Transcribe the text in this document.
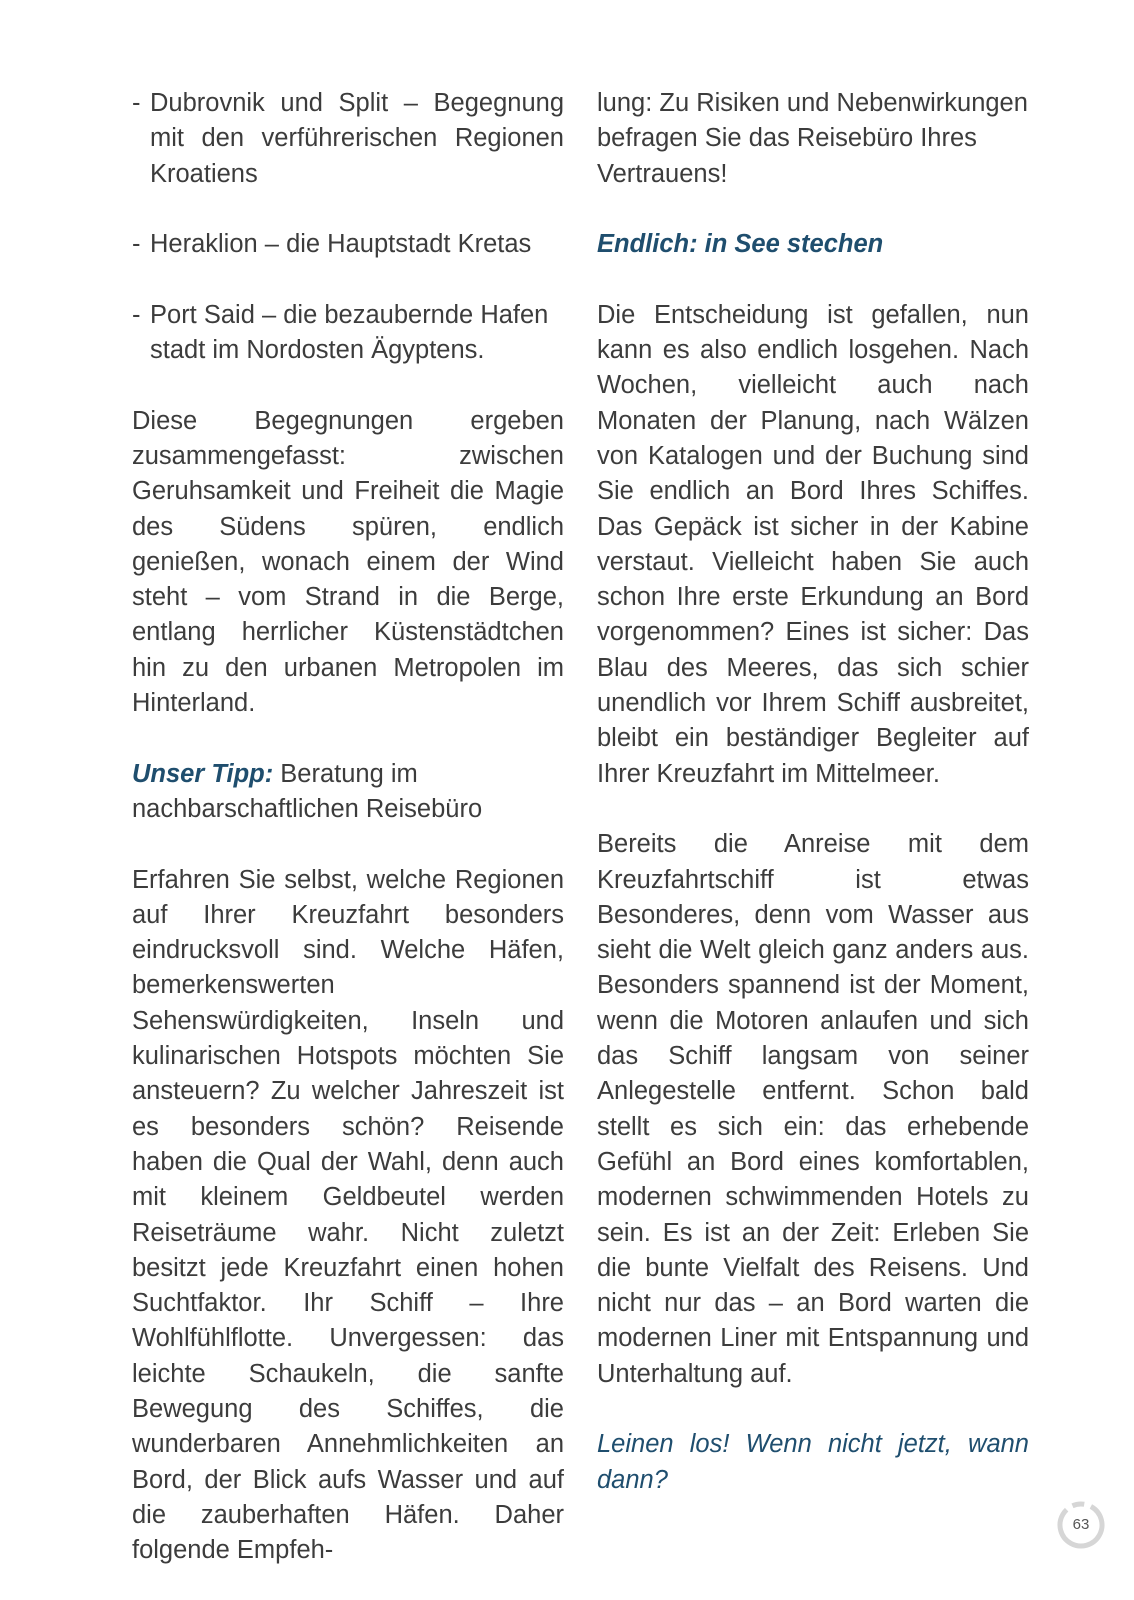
- Dubrovnik und Split – Begegnung mit den verführerischen Regionen Kroatiens
- Heraklion – die Hauptstadt Kretas
- Port Said – die bezaubernde Hafen stadt im Nordosten Ägyptens.

Diese Begegnungen ergeben zusammengefasst: zwischen Geruhsamkeit und Freiheit die Magie des Südens spüren, endlich genießen, wonach einem der Wind steht – vom Strand in die Berge, entlang herrlicher Küstenstädtchen hin zu den urbanen Metropolen im Hinterland.

Unser Tipp: Beratung im nachbarschaftlichen Reisebüro

Erfahren Sie selbst, welche Regionen auf Ihrer Kreuzfahrt besonders eindrucksvoll sind. Welche Häfen, bemerkenswerten Sehenswürdigkeiten, Inseln und kulinarischen Hotspots möchten Sie ansteuern? Zu welcher Jahreszeit ist es besonders schön? Reisende haben die Qual der Wahl, denn auch mit kleinem Geldbeutel werden Reiseträume wahr. Nicht zuletzt besitzt jede Kreuzfahrt einen hohen Suchtfaktor. Ihr Schiff – Ihre Wohlfühlflotte. Unvergessen: das leichte Schaukeln, die sanfte Bewegung des Schiffes, die wunderbaren Annehmlichkeiten an Bord, der Blick aufs Wasser und auf die zauberhaften Häfen. Daher folgende Empfeh-

lung: Zu Risiken und Nebenwirkungen befragen Sie das Reisebüro Ihres Vertrauens!

Endlich: in See stechen

Die Entscheidung ist gefallen, nun kann es also endlich losgehen. Nach Wochen, vielleicht auch nach Monaten der Planung, nach Wälzen von Katalogen und der Buchung sind Sie endlich an Bord Ihres Schiffes. Das Gepäck ist sicher in der Kabine verstaut. Vielleicht haben Sie auch schon Ihre erste Erkundung an Bord vorgenommen? Eines ist sicher: Das Blau des Meeres, das sich schier unendlich vor Ihrem Schiff ausbreitet, bleibt ein beständiger Begleiter auf Ihrer Kreuzfahrt im Mittelmeer.

Bereits die Anreise mit dem Kreuzfahrtschiff ist etwas Besonderes, denn vom Wasser aus sieht die Welt gleich ganz anders aus. Besonders spannend ist der Moment, wenn die Motoren anlaufen und sich das Schiff langsam von seiner Anlegestelle entfernt. Schon bald stellt es sich ein: das erhebende Gefühl an Bord eines komfortablen, modernen schwimmenden Hotels zu sein. Es ist an der Zeit: Erleben Sie die bunte Vielfalt des Reisens. Und nicht nur das – an Bord warten die modernen Liner mit Entspannung und Unterhaltung auf.

Leinen los! Wenn nicht jetzt, wann dann?

63
